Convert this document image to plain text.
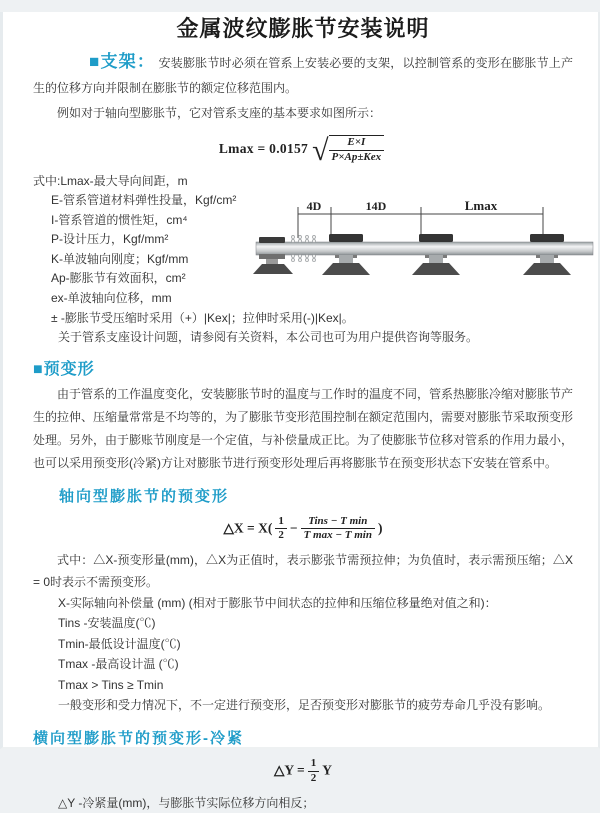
金属波纹膨胀节安装说明

■支架： 安装膨胀节时必须在管系上安装必要的支架，以控制管系的变形在膨胀节上产生的位移方向并限制在膨胀节的额定位移范围内。

例如对于轴向型膨胀节，它对管系支座的基本要求如图所示：

Lmax = 0.0157 √ $\frac{E\times I}{\text{P×Ap±Kex}}$
式中:Lmax-最大导向间距，m
E-管系管道材料弹性投量，Kgf/cm²
I-管系管道的惯性矩，cm⁴
P-设计压力，Kgf/mm²
K-单波轴向刚度；Kgf/mm
Ap-膨胀节有效面积，cm²
ex-单波轴向位移，mm
± -膨胀节受压缩时采用（+）|Kex|；拉伸时采用(-)|Kex|。
关于管系支座设计问题，请参阅有关资料，本公司也可为用户提供咨询等服务。
4D	14D	Lmax
■预变形

由于管系的工作温度变化，安装膨胀节时的温度与工作时的温度不同，管系热膨胀冷缩对膨胀节产生的拉伸、压缩量常常是不均等的，为了膨胀节变形范围控制在额定范围内，需要对膨胀节采取预变形处理。另外，由于膨账节刚度是一个定值，与补偿量成正比。为了使膨胀节位移对管系的作用力最小，也可以采用预变形(冷紧)方让对膨胀节进行预变形处理后再将膨胀节在预变形状态下安装在管系中。

轴向型膨胀节的预变形
△X = $X( \frac{1}{2} - \frac{\text{Tins − T min}}{\text{T max − T min}}$ )

式中：△X-预变形量(mm)，△X为正值时，表示膨张节需预拉伸；为负值时，表示需预压缩；△X = 0时表示不需预变形。

X-实际轴向补偿量 (mm) (相对于膨胀节中间状态的拉伸和压缩位移量绝对值之和)：
Tins -安装温度(℃)
Tmin-最低设计温度(℃)
Tmax -最高设计温 (℃)
Tmax > Tins ≥ Tmin
一般变形和受力情况下，不一定进行预变形，足否预变形对膨胀节的疲劳寿命几乎没有影响。
横向型膨胀节的预变形-冷紧
△Y = $\frac{1}{2}$ Y
△Y -冷紧量(mm)，与膨胀节实际位移方向相反；
